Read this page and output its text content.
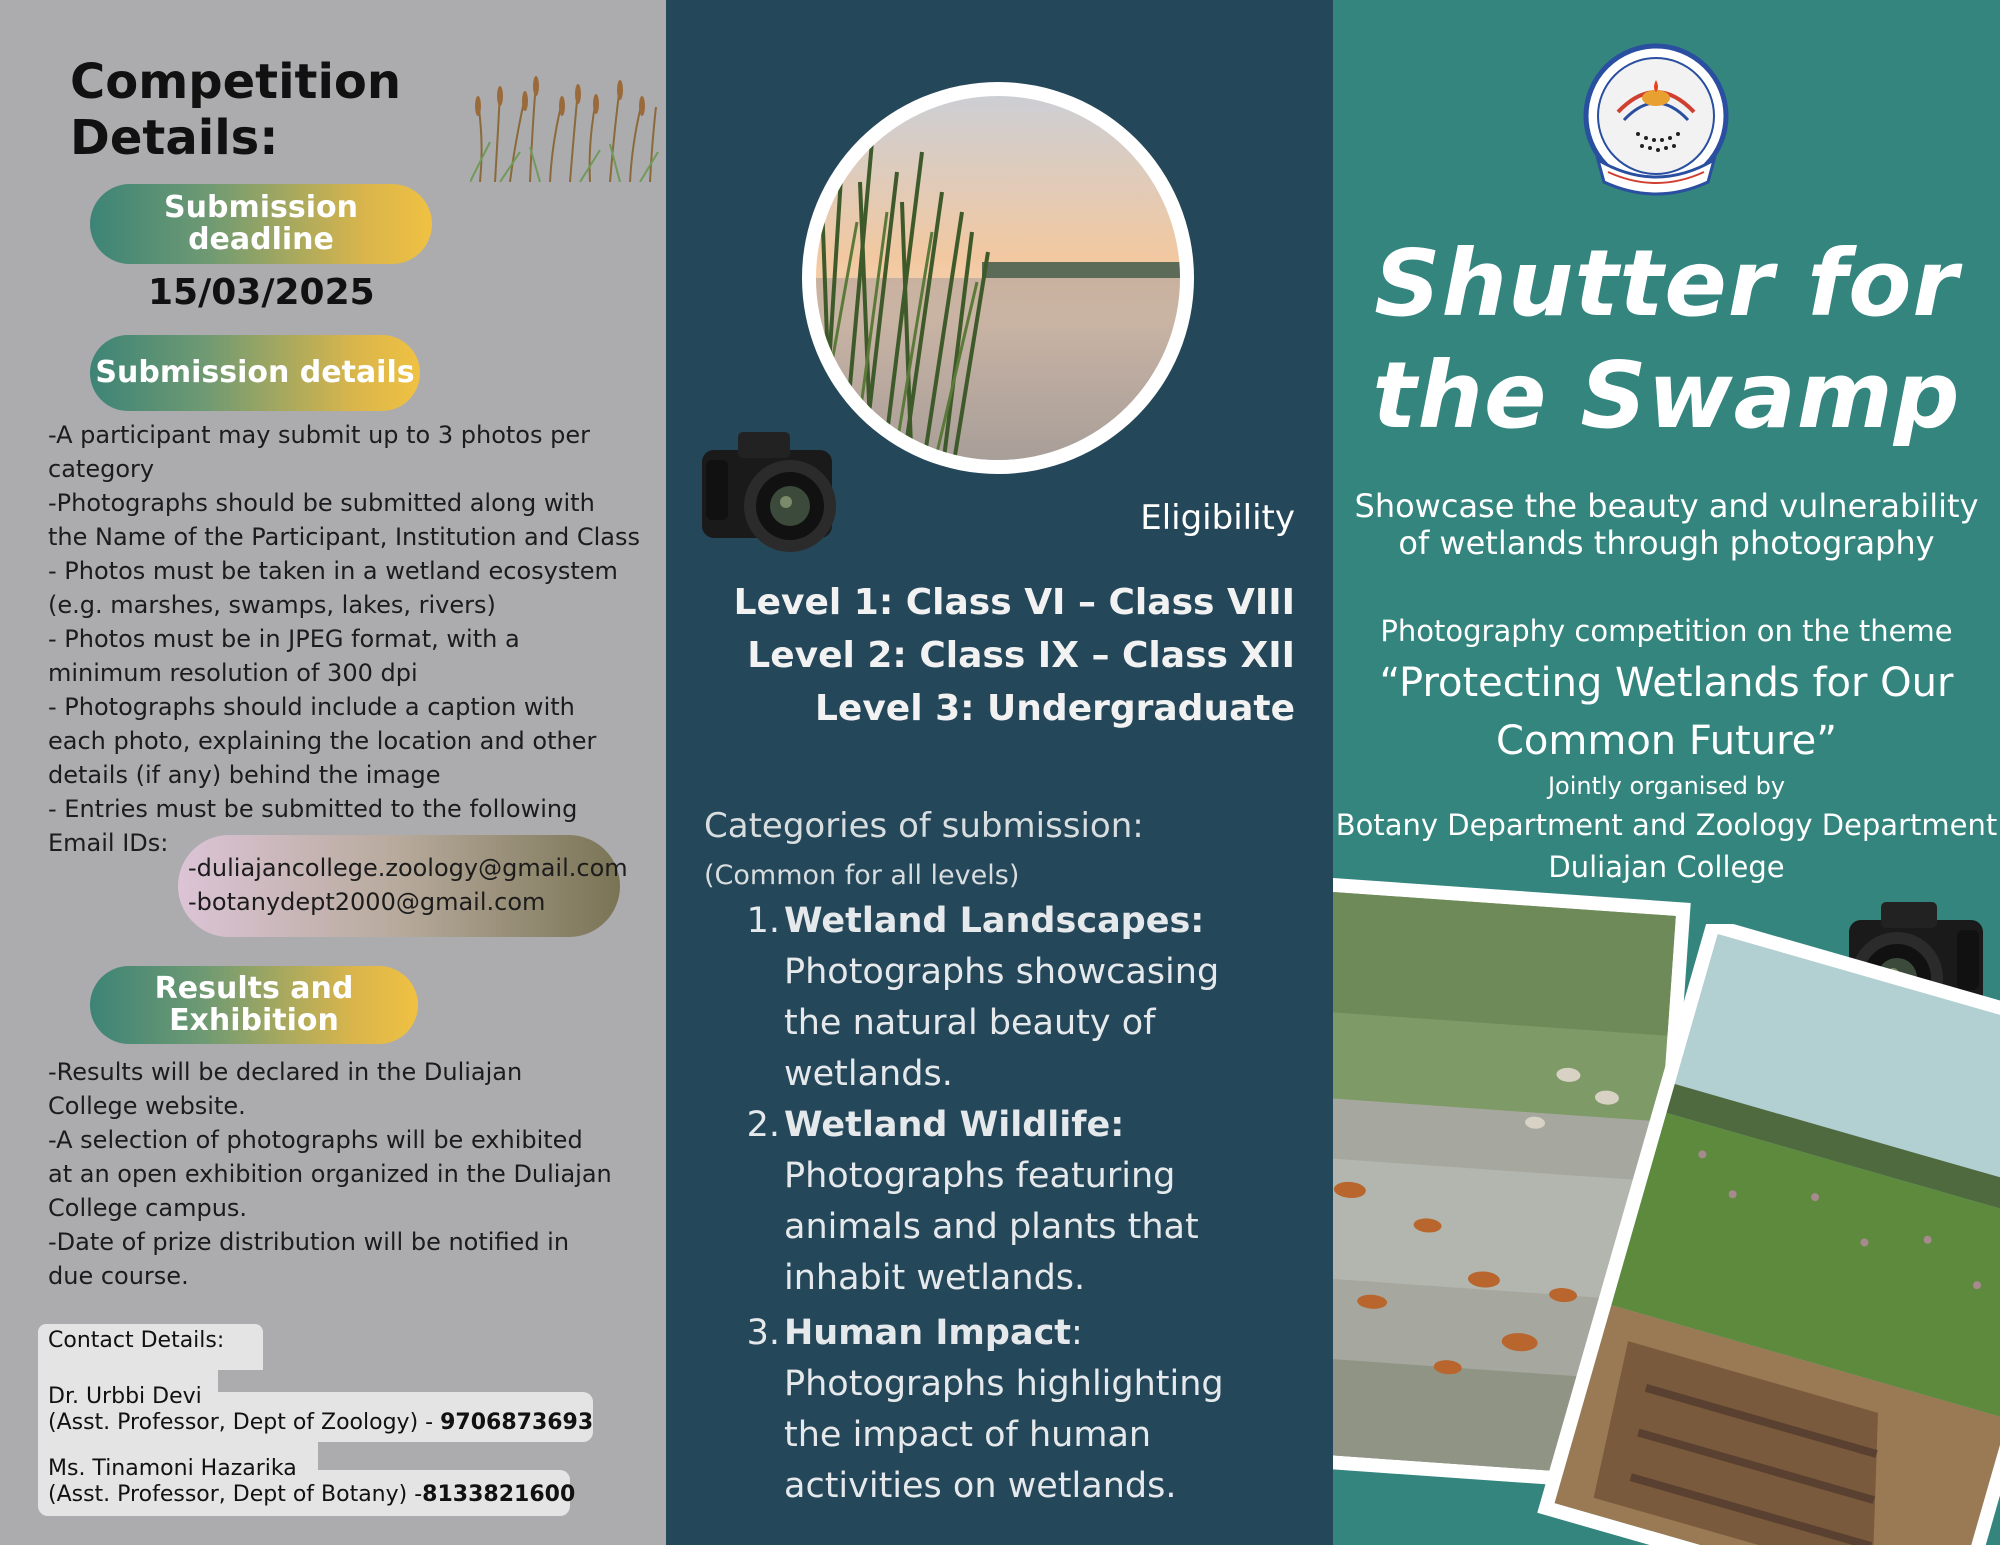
Competition
Details:
Submission
deadline
15/03/2025
Submission details
-A participant may submit up to 3 photos per
category
-Photographs should be submitted along with
the Name of the Participant, Institution and Class
- Photos must be taken in a wetland ecosystem
(e.g. marshes, swamps, lakes, rivers)
- Photos must be in JPEG format, with a
minimum resolution of 300 dpi
- Photographs should include a caption with
each photo, explaining the location and other
details (if any) behind the image
- Entries must be submitted to the following
Email IDs:
-duliajancollege.zoology@gmail.com
-botanydept2000@gmail.com
Results and
Exhibition
-Results will be declared in the Duliajan
College website.
-A selection of photographs will be exhibited
at an open exhibition organized in the Duliajan
College campus.
-Date of prize distribution will be notified in
due course.
Contact Details:
Dr. Urbbi Devi
(Asst. Professor, Dept of Zoology) - 9706873693
Ms. Tinamoni Hazarika
(Asst. Professor, Dept of Botany) -8133821600
Eligibility
Level 1: Class VI – Class VIII
Level 2: Class IX – Class XII
Level 3: Undergraduate
Categories of submission:
(Common for all levels)
1. Wetland Landscapes:
Photographs showcasing
the natural beauty of
wetlands.
2. Wetland Wildlife:
Photographs featuring
animals and plants that
inhabit wetlands.
3. Human Impact:
Photographs highlighting
the impact of human
activities on wetlands.
Shutter for
the Swamp
Showcase the beauty and vulnerability
of wetlands through photography
Photography competition on the theme
“Protecting Wetlands for Our
Common Future”
Jointly organised by
Botany Department and Zoology Department
Duliajan College
